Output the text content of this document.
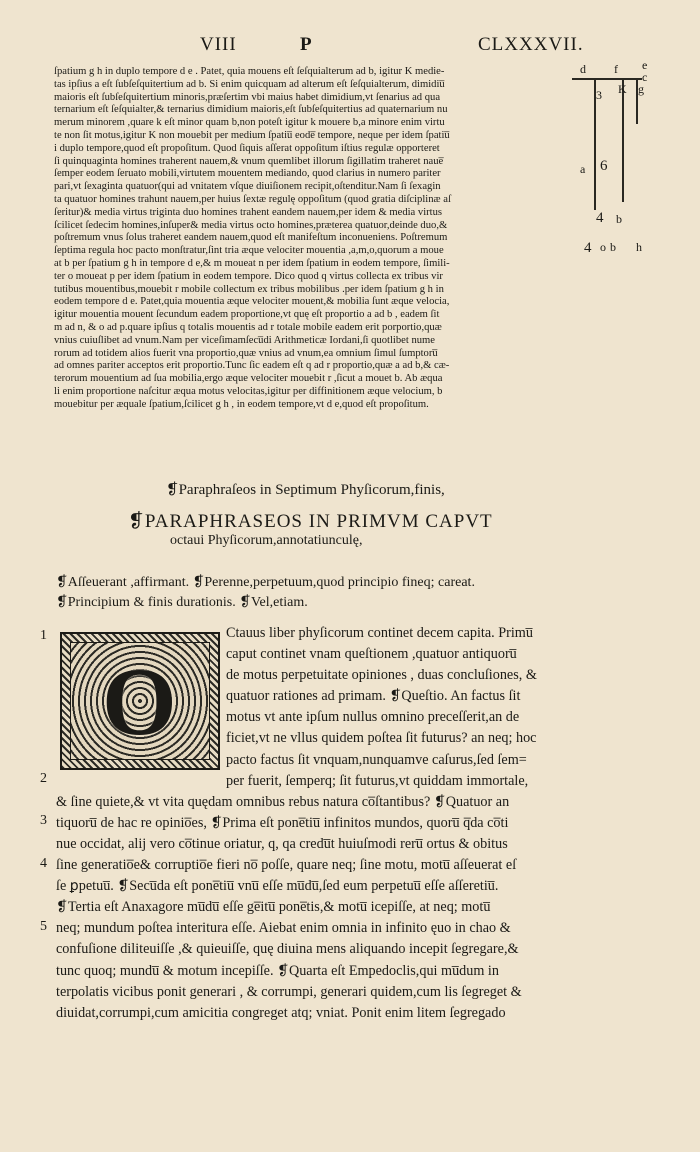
VIII	P	CLXXXVII.
ſpatium g h in duplo tempore d e . Patet, quia mouens eſt ſeſquialterum ad b, igitur K medie-
tas ipſius a eſt ſubſeſquitertium ad b. Si enim quicquam ad alterum eſt ſeſquialterum, dimidiu̅
maioris eſt ſubſeſquitertium minoris,præſertim vbi maius habet dimidium,vt ſenarius ad qua
ternarium eſt ſeſquialter,& ternarius dimidium maioris,eſt ſubſeſquitertius ad quaternarium nu
merum minorem ,quare k eſt minor quam b,non poteſt igitur k mouere b,a minore enim virtu
te non ſit motus,igitur K non mouebit per medium ſpatiu̅ eode̅ tempore, neque per idem ſpatiu̅
i duplo tempore,quod eſt propoſitum. Quod ſiquis aſſerat oppoſitum iſtius regulæ opporteret
ſi quinquaginta homines traherent nauem,& vnum quemlibet illorum ſigillatim traheret naue̅
ſemper eodem ſeruato mobili,virtutem mouentem mediando, quod clarius in numero pariter
pari,vt ſexaginta quatuor(qui ad vnitatem vſque diuiſionem recipit,oſtenditur.Nam ſi ſexagin
ta quatuor homines trahunt nauem,per huius ſextæ regulę oppoſitum (quod gratia diſciplinæ aſ
ſeritur)& media virtus triginta duo homines trahent eandem nauem,per idem & media virtus
ſcilicet ſedecim homines,inſuper& media virtus octo homines,præterea quatuor,deinde duo,&
poſtremum vnus ſolus traheret eandem nauem,quod eſt manifeſtum inconueniens. Poſtremum
ſeptima regula hoc pacto monſtratur,ſint tria æque velociter mouentia ,a,m,o,quorum a moue
at b per ſpatium g h in tempore d e,& m moueat n per idem ſpatium in eodem tempore, ſimili-
ter o moueat p per idem ſpatium in eodem tempore. Dico quod q virtus collecta ex tribus vir
tutibus mouentibus,mouebit r mobile collectum ex tribus mobilibus .per idem ſpatium g h in
eodem tempore d e. Patet,quia mouentia æque velociter mouent,& mobilia ſunt æque velocia,
igitur mouentia mouent ſecundum eadem proportione,vt quę eſt proportio a ad b , eadem ſit
m ad n, & o ad p.quare ipſius q totalis mouentis ad r totale mobile eadem erit porportio,quæ
vnius cuiuſlibet ad vnum.Nam per viceſimamſecu̅di Arithmeticæ Iordani,ſi quotlibet nume
rorum ad totidem alios fuerit vna proportio,quæ vnius ad vnum,ea omnium ſimul ſumptoru̅
ad omnes pariter acceptos erit proportio.Tunc ſic eadem eſt q ad r proportio,quæ a ad b,& cæ-
terorum mouentium ad ſua mobilia,ergo æque velociter mouebit r ,ſicut a mouet b. Ab æqua
li enim proportione naſcitur æqua motus velocitas,igitur per diffinitionem æque velocium, b
mouebitur per æquale ſpatium,ſcilicet g h , in eodem tempore,vt d e,quod eſt propoſitum.
d f e
c
3 K g
a 6
4 b
4 o b h
❡Paraphraſeos in Septimum Phyſicorum,finis,
❡PARAPHRASEOS IN PRIMVM CAPVT
octaui Phyſicorum,annotatiunculę,
❡Aſſeuerant ,affirmant. ❡Perenne,perpetuum,quod principio fineq; careat.
❡Principium & finis durationis. ❡Vel,etiam.
O
Ctauus liber phyſicorum continet decem capita. Primu̅
caput continet vnam queſtionem ,quatuor antiquoru̅
de motus perpetuitate opiniones , duas concluſiones, &
quatuor rationes ad primam. ❡Queſtio. An factus ſit
motus vt ante ipſum nullus omnino preceſſerit,an de
ficiet,vt ne vllus quidem poſtea ſit futurus? an neq; hoc
pacto factus ſit vnquam,nunquamve caſurus,ſed ſem=
per fuerit, ſemperq; ſit futurus,vt quiddam immortale,
& ſine quiete,& vt vita quędam omnibus rebus natura co̅ſtantibus? ❡Quatuor an
tiquoru̅ de hac re opinio̅es, ❡Prima eſt pone̅tiu̅ infinitos mundos, quoru̅ q̅da co̅ti
nue occidat, alij vero co̅tinue oriatur, q, qa credu̅t huiuſmodi reru̅ ortus & obitus
ſine generatio̅e& corruptio̅e fieri no̅ poſſe, quare neq; ſine motu, motu̅ aſſeuerat eſ
ſe ꝑpetuu̅. ❡Secu̅da eſt pone̅tiu̅ vnu̅ eſſe mu̅du̅,ſed eum perpetuu̅ eſſe aſſeretiu̅.
❡Tertia eſt Anaxagore mu̅du̅ eſſe ge̅itu̅ pone̅tis,& motu̅ icepiſſe, at neq; motu̅
neq; mundum poſtea interitura eſſe. Aiebat enim omnia in infinito ęuo in chao &
confuſione diliteuiſſe ,& quieuiſſe, quę diuina mens aliquando incepit ſegregare,&
tunc quoq; mundu̅ & motum incepiſſe. ❡Quarta eſt Empedoclis,qui mu̅dum in
terpolatis vicibus ponit generari , & corrumpi, generari quidem,cum lis ſegreget &
diuidat,corrumpi,cum amicitia congreget atq; vniat. Ponit enim litem ſegregado
1
2
3
4
5
